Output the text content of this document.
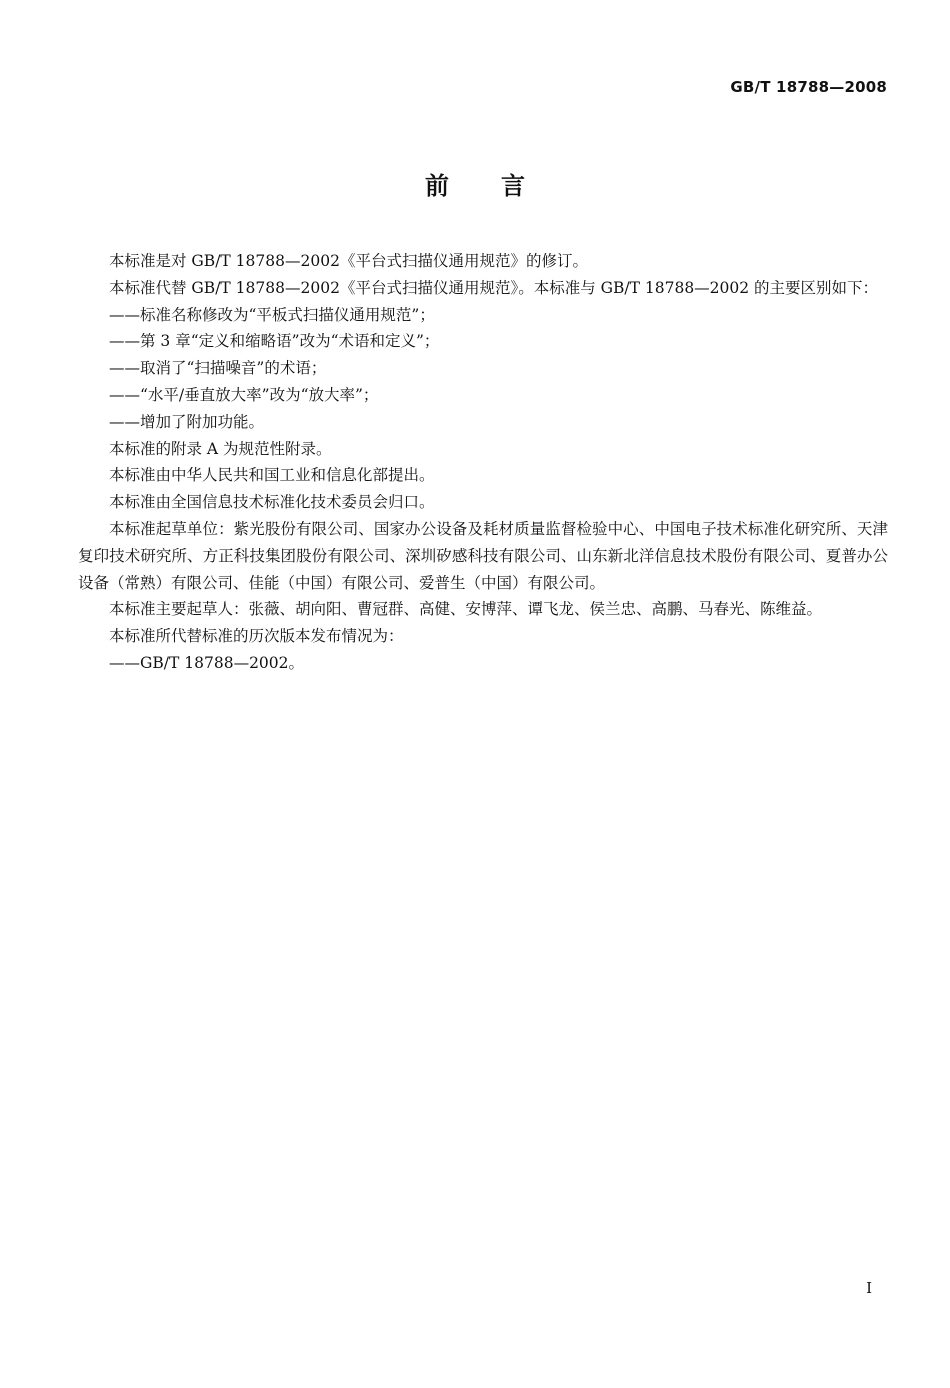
GB/T 18788—2008
前 言

本标准是对 GB/T 18788—2002《平台式扫描仪通用规范》的修订。

本标准代替 GB/T 18788—2002《平台式扫描仪通用规范》。本标准与 GB/T 18788—2002 的主要区别如下：

——标准名称修改为“平板式扫描仪通用规范”；

——第 3 章“定义和缩略语”改为“术语和定义”；

——取消了“扫描噪音”的术语；

——“水平/垂直放大率”改为“放大率”；

——增加了附加功能。

本标准的附录 A 为规范性附录。

本标准由中华人民共和国工业和信息化部提出。

本标准由全国信息技术标准化技术委员会归口。

本标准起草单位：紫光股份有限公司、国家办公设备及耗材质量监督检验中心、中国电子技术标准化研究所、天津复印技术研究所、方正科技集团股份有限公司、深圳矽感科技有限公司、山东新北洋信息技术股份有限公司、夏普办公设备（常熟）有限公司、佳能（中国）有限公司、爱普生（中国）有限公司。

本标准主要起草人：张薇、胡向阳、曹冠群、高健、安博萍、谭飞龙、侯兰忠、高鹏、马春光、陈维益。

本标准所代替标准的历次版本发布情况为：

——GB/T 18788—2002。

I
